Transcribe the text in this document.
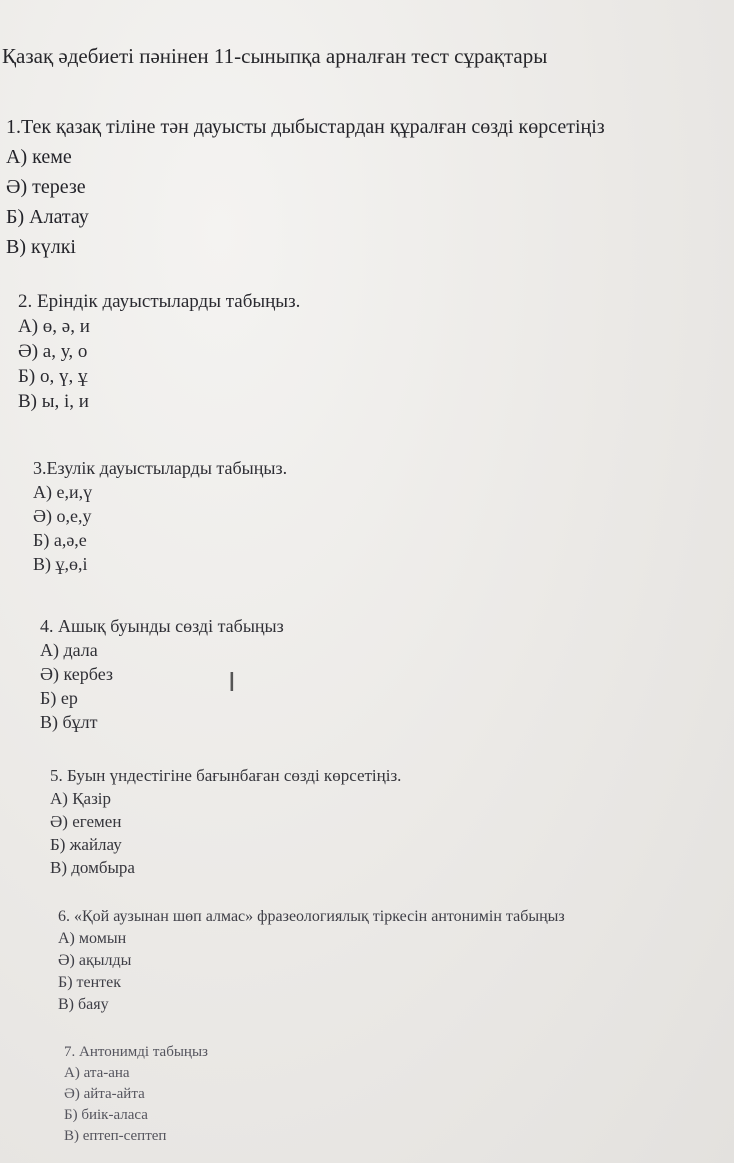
Қазақ әдебиеті пәнінен 11-сыныпқа арналған тест сұрақтары
1.Тек қазақ тіліне тән дауысты дыбыстардан құралған сөзді көрсетіңіз
А) кеме
Ә) терезе
Б) Алатау
В) күлкі
2. Еріндік дауыстыларды табыңыз.
А) ө, ә, и
Ә) а, у, о
Б) о, ү, ұ
В) ы, і, и
3.Езулік дауыстыларды табыңыз.
А) е,и,ү
Ә) о,е,у
Б) а,ә,е
В) ұ,ө,і
4. Ашық буынды сөзді табыңыз
А) дала
Ә) кербез
Б) ер
В) бұлт
I
5. Буын үндестігіне бағынбаған сөзді көрсетіңіз.
А) Қазір
Ә) егемен
Б) жайлау
В) домбыра
6. «Қой аузынан шөп алмас» фразеологиялық тіркесін антонимін табыңыз
А) момын
Ә) ақылды
Б) тентек
В) баяу
7. Антонимді табыңыз
А) ата-ана
Ә) айта-айта
Б) биік-аласа
В) ептеп-септеп
